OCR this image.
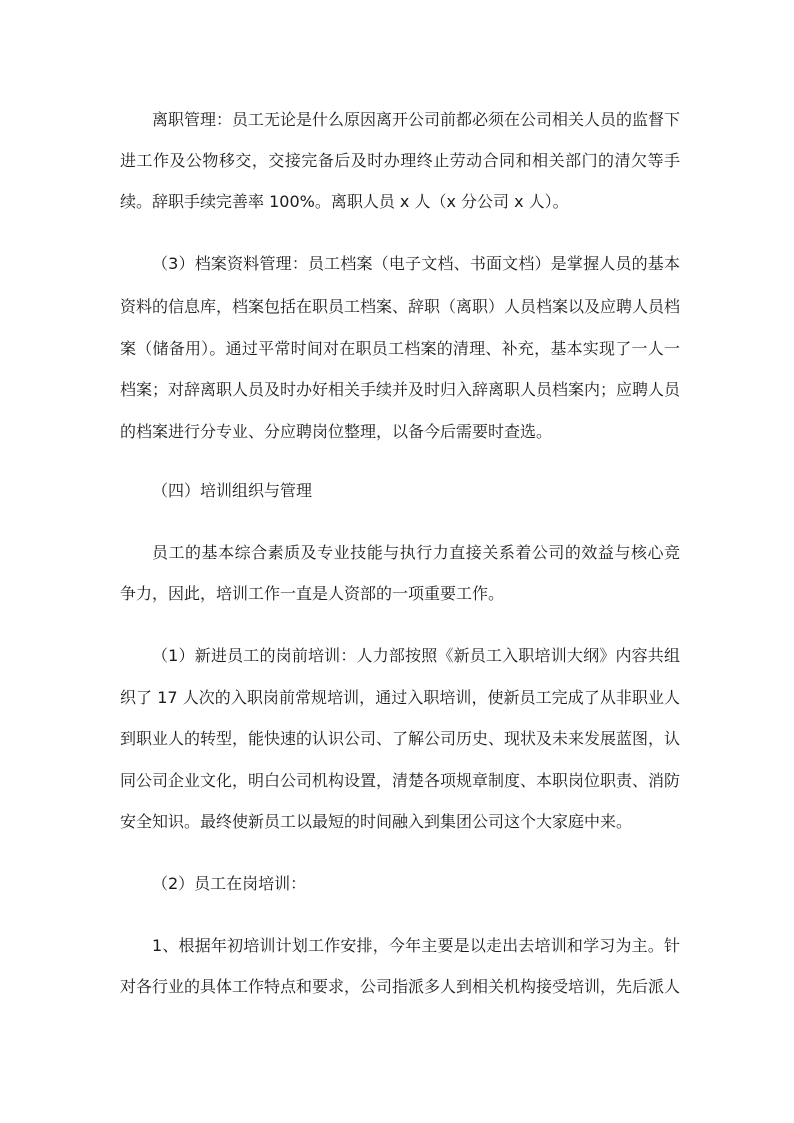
离职管理：员工无论是什么原因离开公司前都必须在公司相关人员的监督下
进工作及公物移交，交接完备后及时办理终止劳动合同和相关部门的清欠等手
续。辞职手续完善率 100%。离职人员 x 人（x 分公司 x 人）。
（3）档案资料管理：员工档案（电子文档、书面文档）是掌握人员的基本
资料的信息库，档案包括在职员工档案、辞职（离职）人员档案以及应聘人员档
案（储备用）。通过平常时间对在职员工档案的清理、补充，基本实现了一人一
档案；对辞离职人员及时办好相关手续并及时归入辞离职人员档案内；应聘人员
的档案进行分专业、分应聘岗位整理，以备今后需要时查选。
（四）培训组织与管理
员工的基本综合素质及专业技能与执行力直接关系着公司的效益与核心竞
争力，因此，培训工作一直是人资部的一项重要工作。
（1）新进员工的岗前培训：人力部按照《新员工入职培训大纲》内容共组
织了 17 人次的入职岗前常规培训，通过入职培训，使新员工完成了从非职业人
到职业人的转型，能快速的认识公司、了解公司历史、现状及未来发展蓝图，认
同公司企业文化，明白公司机构设置，清楚各项规章制度、本职岗位职责、消防
安全知识。最终使新员工以最短的时间融入到集团公司这个大家庭中来。
（2）员工在岗培训：
1、根据年初培训计划工作安排，今年主要是以走出去培训和学习为主。针
对各行业的具体工作特点和要求，公司指派多人到相关机构接受培训，先后派人
